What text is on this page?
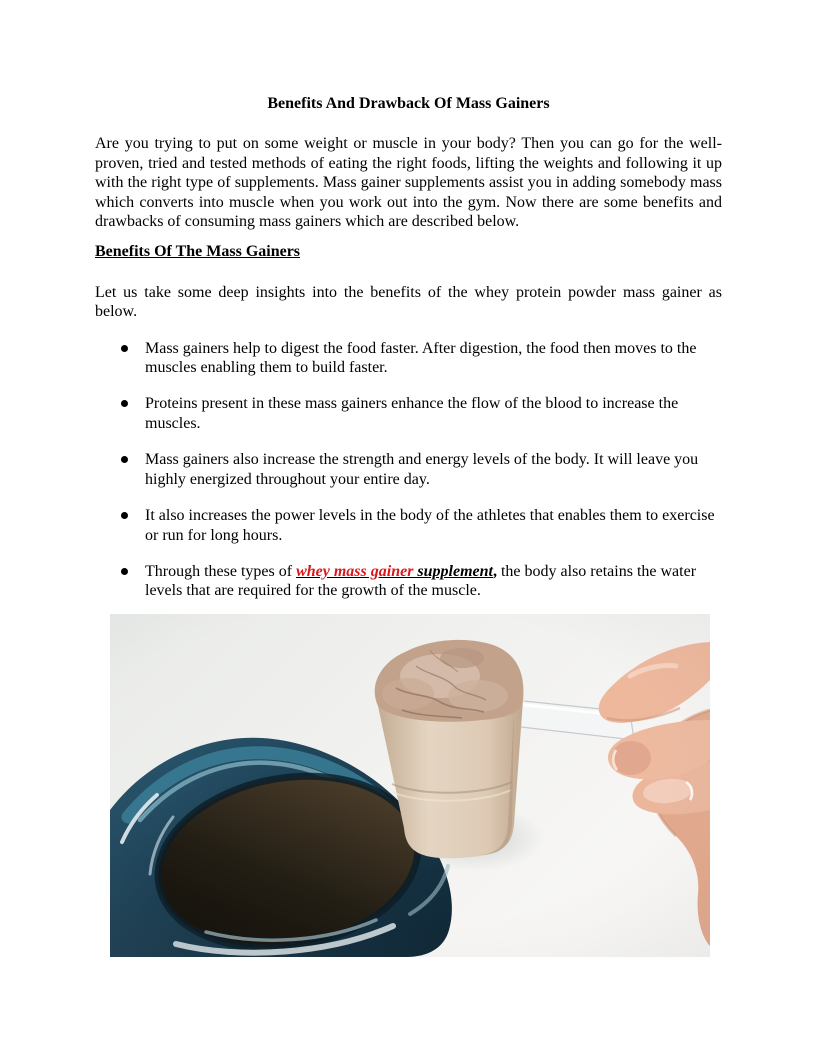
Benefits And Drawback Of Mass Gainers

Are you trying to put on some weight or muscle in your body? Then you can go for the well-proven, tried and tested methods of eating the right foods, lifting the weights and following it up with the right type of supplements. Mass gainer supplements assist you in adding somebody mass which converts into muscle when you work out into the gym. Now there are some benefits and drawbacks of consuming mass gainers which are described below.

Benefits Of The Mass Gainers

Let us take some deep insights into the benefits of the whey protein powder mass gainer as below.

Mass gainers help to digest the food faster. After digestion, the food then moves to the muscles enabling them to build faster.
Proteins present in these mass gainers enhance the flow of the blood to increase the muscles.
Mass gainers also increase the strength and energy levels of the body. It will leave you highly energized throughout your entire day.
It also increases the power levels in the body of the athletes that enables them to exercise or run for long hours.
Through these types of whey mass gainer supplement, the body also retains the water levels that are required for the growth of the muscle.
